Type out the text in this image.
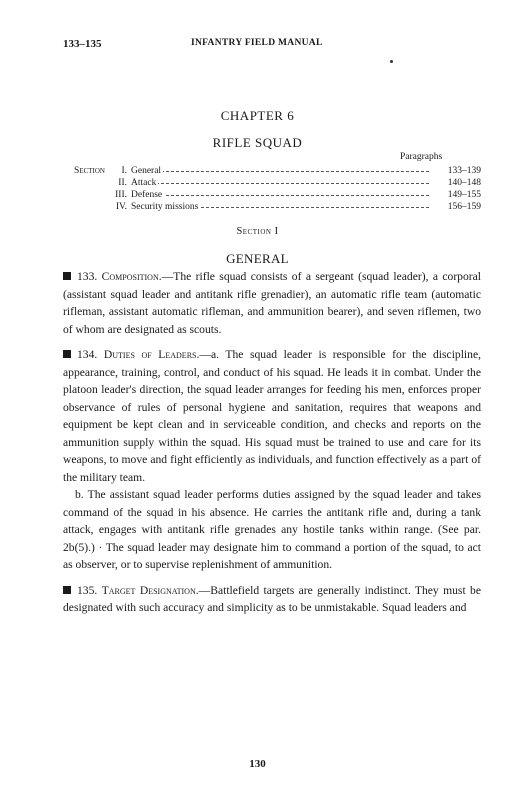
133–135	INFANTRY FIELD MANUAL
CHAPTER 6
RIFLE SQUAD
Paragraphs
Section	I. General	133–139
II. Attack	140–148
III. Defense	149–155
IV. Security missions	156–159
Section I
GENERAL

133. Composition.—The rifle squad consists of a sergeant (squad leader), a corporal (assistant squad leader and antitank rifle grenadier), an automatic rifle team (automatic rifleman, assistant automatic rifleman, and ammunition bearer), and seven riflemen, two of whom are designated as scouts.

134. Duties of Leaders.—a. The squad leader is responsible for the discipline, appearance, training, control, and conduct of his squad. He leads it in combat. Under the platoon leader's direction, the squad leader arranges for feeding his men, enforces proper observance of rules of personal hygiene and sanitation, requires that weapons and equipment be kept clean and in serviceable condition, and checks and reports on the ammunition supply within the squad. His squad must be trained to use and care for its weapons, to move and fight efficiently as individuals, and function effectively as a part of the military team.

b. The assistant squad leader performs duties assigned by the squad leader and takes command of the squad in his absence. He carries the antitank rifle and, during a tank attack, engages with antitank rifle grenades any hostile tanks within range. (See par. 2b(5).) · The squad leader may designate him to command a portion of the squad, to act as observer, or to supervise replenishment of ammunition.

135. Target Designation.—Battlefield targets are generally indistinct. They must be designated with such accuracy and simplicity as to be unmistakable. Squad leaders and

130
